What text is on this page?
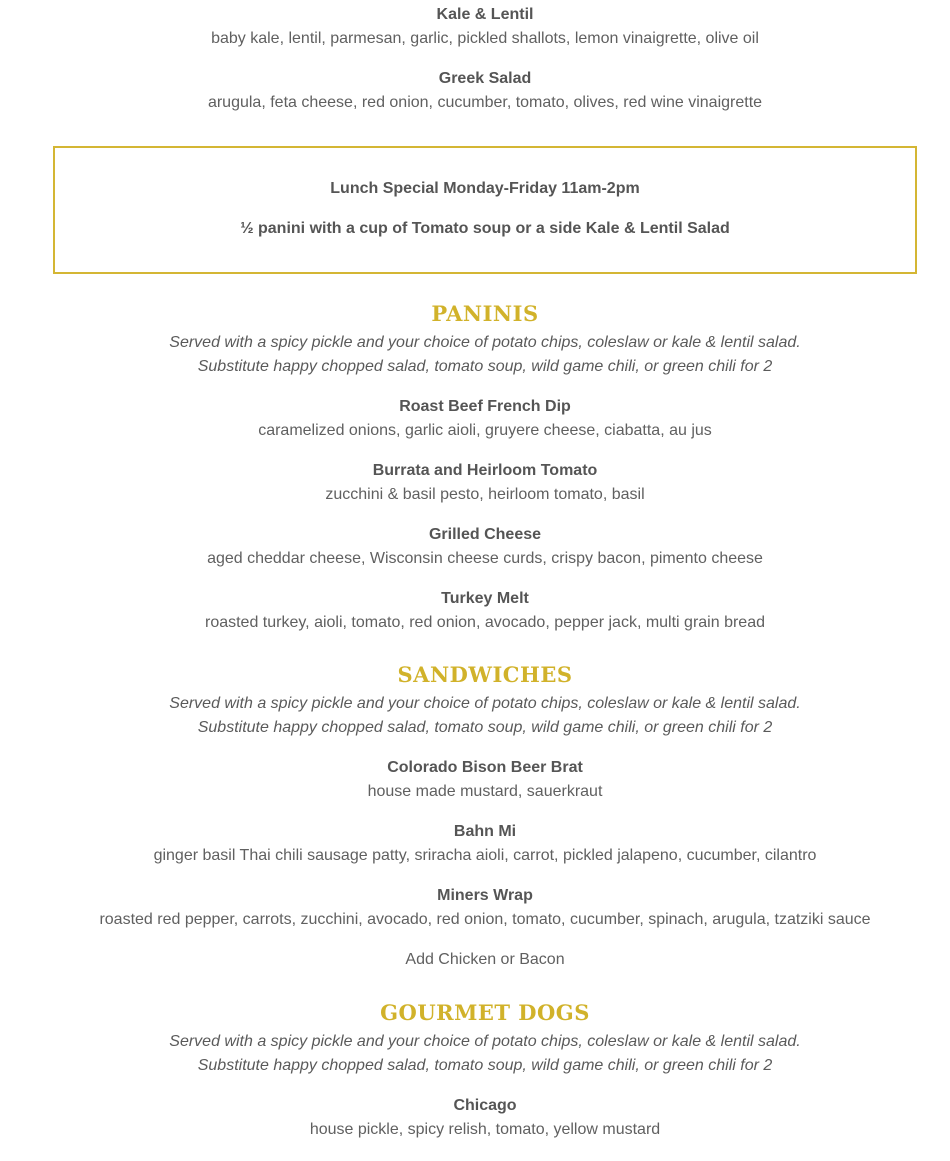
Kale & Lentil
baby kale, lentil, parmesan, garlic, pickled shallots, lemon vinaigrette, olive oil
Greek Salad
arugula, feta cheese, red onion, cucumber, tomato, olives, red wine vinaigrette
Lunch Special Monday-Friday 11am-2pm
½ panini with a cup of Tomato soup or a side Kale & Lentil Salad
PANINIS
Served with a spicy pickle and your choice of potato chips, coleslaw or kale & lentil salad.
Substitute happy chopped salad, tomato soup, wild game chili, or green chili for 2
Roast Beef French Dip
caramelized onions, garlic aioli, gruyere cheese, ciabatta, au jus
Burrata and Heirloom Tomato
zucchini & basil pesto, heirloom tomato, basil
Grilled Cheese
aged cheddar cheese, Wisconsin cheese curds, crispy bacon, pimento cheese
Turkey Melt
roasted turkey, aioli, tomato, red onion, avocado, pepper jack, multi grain bread
SANDWICHES
Served with a spicy pickle and your choice of potato chips, coleslaw or kale & lentil salad.
Substitute happy chopped salad, tomato soup, wild game chili, or green chili for 2
Colorado Bison Beer Brat
house made mustard, sauerkraut
Bahn Mi
ginger basil Thai chili sausage patty, sriracha aioli, carrot, pickled jalapeno, cucumber, cilantro
Miners Wrap
roasted red pepper, carrots, zucchini, avocado, red onion, tomato, cucumber, spinach, arugula, tzatziki sauce
Add Chicken or Bacon
GOURMET DOGS
Served with a spicy pickle and your choice of potato chips, coleslaw or kale & lentil salad.
Substitute happy chopped salad, tomato soup, wild game chili, or green chili for 2
Chicago
house pickle, spicy relish, tomato, yellow mustard
